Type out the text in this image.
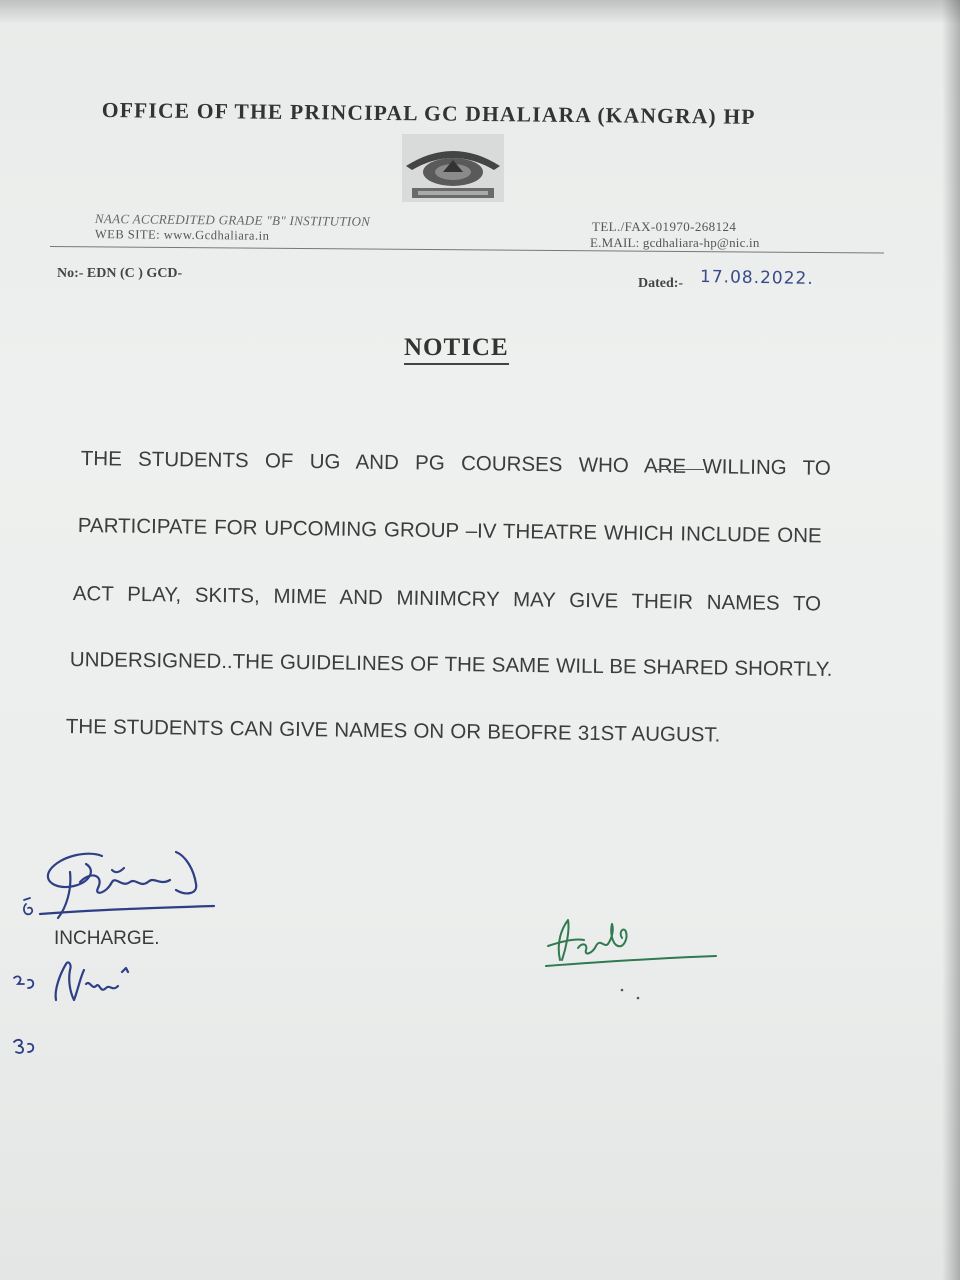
OFFICE OF THE PRINCIPAL GC DHALIARA (KANGRA) HP
NAAC ACCREDITED GRADE "B" INSTITUTION
WEB SITE: www.Gcdhaliara.in
TEL./FAX-01970-268124
E.MAIL: gcdhaliara-hp@nic.in
No:- EDN (C ) GCD-
Dated:- 17.08.2022.
NOTICE
THE STUDENTS OF UG AND PG COURSES WHO ARE WILLING TO
PARTICIPATE FOR UPCOMING GROUP –IV THEATRE WHICH INCLUDE ONE
ACT PLAY, SKITS, MIME AND MINIMCRY MAY GIVE THEIR NAMES TO
UNDERSIGNED..THE GUIDELINES OF THE SAME WILL BE SHARED SHORTLY.
THE STUDENTS CAN GIVE NAMES ON OR BEOFRE 31ST AUGUST.
INCHARGE.
